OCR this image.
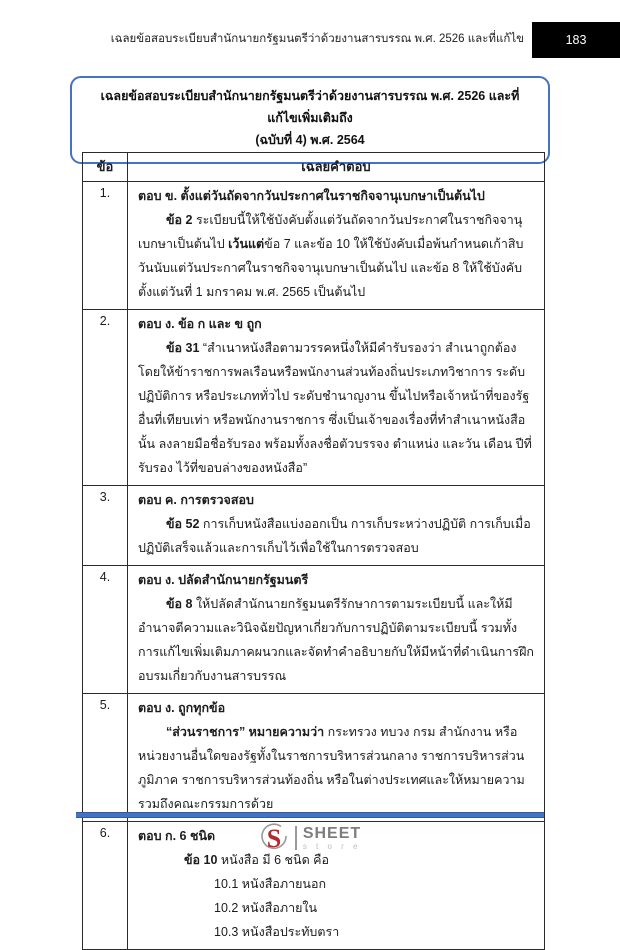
เฉลยข้อสอบระเบียบสำนักนายกรัฐมนตรีว่าด้วยงานสารบรรณ พ.ศ. 2526 และที่แก้ไข	183
เฉลยข้อสอบระเบียบสำนักนายกรัฐมนตรีว่าด้วยงานสารบรรณ พ.ศ. 2526 และที่แก้ไขเพิ่มเติมถึง
(ฉบับที่ 4) พ.ศ. 2564
ข้อ	เฉลยคำตอบ
1.	ตอบ ข. ตั้งแต่วันถัดจากวันประกาศในราชกิจจานุเบกษาเป็นต้นไป

ข้อ 2 ระเบียบนี้ให้ใช้บังคับตั้งแต่วันถัดจากวันประกาศในราชกิจจานุเบกษาเป็นต้นไป เว้นแต่ข้อ 7 และข้อ 10 ให้ใช้บังคับเมื่อพ้นกำหนดเก้าสิบวันนับแต่วันประกาศในราชกิจจานุเบกษาเป็นต้นไป และข้อ 8 ให้ใช้บังคับตั้งแต่วันที่ 1 มกราคม พ.ศ. 2565 เป็นต้นไป

2.	ตอบ ง. ข้อ ก และ ข ถูก

ข้อ 31 “สำเนาหนังสือตามวรรคหนึ่งให้มีคำรับรองว่า สำเนาถูกต้อง โดยให้ข้าราชการพลเรือนหรือพนักงานส่วนท้องถิ่นประเภทวิชาการ ระดับปฏิบัติการ หรือประเภททั่วไป ระดับชำนาญงาน ขึ้นไปหรือเจ้าหน้าที่ของรัฐอื่นที่เทียบเท่า หรือพนักงานราชการ ซึ่งเป็นเจ้าของเรื่องที่ทำสำเนาหนังสือนั้น ลงลายมือชื่อรับรอง พร้อมทั้งลงชื่อตัวบรรจง ตำแหน่ง และวัน เดือน ปีที่รับรอง ไว้ที่ขอบล่างของหนังสือ”

3.	ตอบ ค. การตรวจสอบ

ข้อ 52 การเก็บหนังสือแบ่งออกเป็น การเก็บระหว่างปฏิบัติ การเก็บเมื่อปฏิบัติเสร็จแล้วและการเก็บไว้เพื่อใช้ในการตรวจสอบ

4.	ตอบ ง. ปลัดสำนักนายกรัฐมนตรี

ข้อ 8 ให้ปลัดสำนักนายกรัฐมนตรีรักษาการตามระเบียบนี้ และให้มีอำนาจตีความและวินิจฉัยปัญหาเกี่ยวกับการปฏิบัติตามระเบียบนี้ รวมทั้งการแก้ไขเพิ่มเติมภาคผนวกและจัดทำคำอธิบายกับให้มีหน้าที่ดำเนินการฝึกอบรมเกี่ยวกับงานสารบรรณ

5.	ตอบ ง. ถูกทุกข้อ

“ส่วนราชการ” หมายความว่า กระทรวง ทบวง กรม สำนักงาน หรือหน่วยงานอื่นใดของรัฐทั้งในราชการบริหารส่วนกลาง ราชการบริหารส่วนภูมิภาค ราชการบริหารส่วนท้องถิ่น หรือในต่างประเทศและให้หมายความรวมถึงคณะกรรมการด้วย

6.	ตอบ ก. 6 ชนิด

ข้อ 10 หนังสือ มี 6 ชนิด คือ

10.1 หนังสือภายนอก

10.2 หนังสือภายใน

10.3 หนังสือประทับตรา

S SHEET
s t o r e
